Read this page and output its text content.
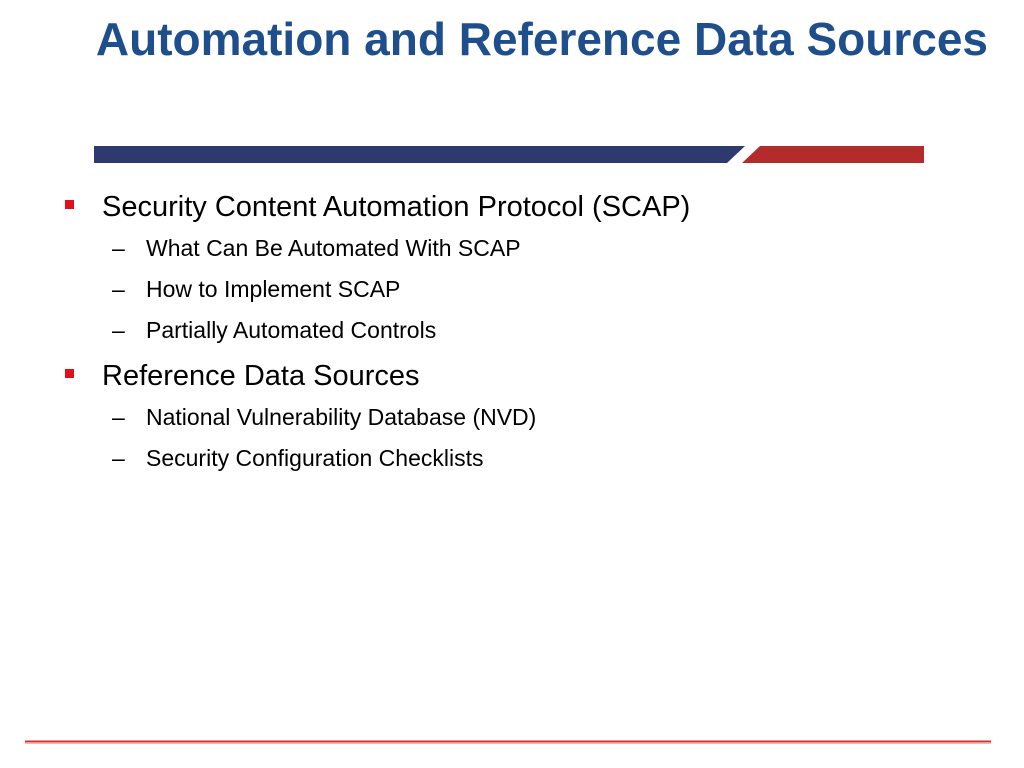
Automation and Reference Data Sources
Security Content Automation Protocol (SCAP)
– What Can Be Automated With SCAP
– How to Implement SCAP
– Partially Automated Controls
Reference Data Sources
– National Vulnerability Database (NVD)
– Security Configuration Checklists
